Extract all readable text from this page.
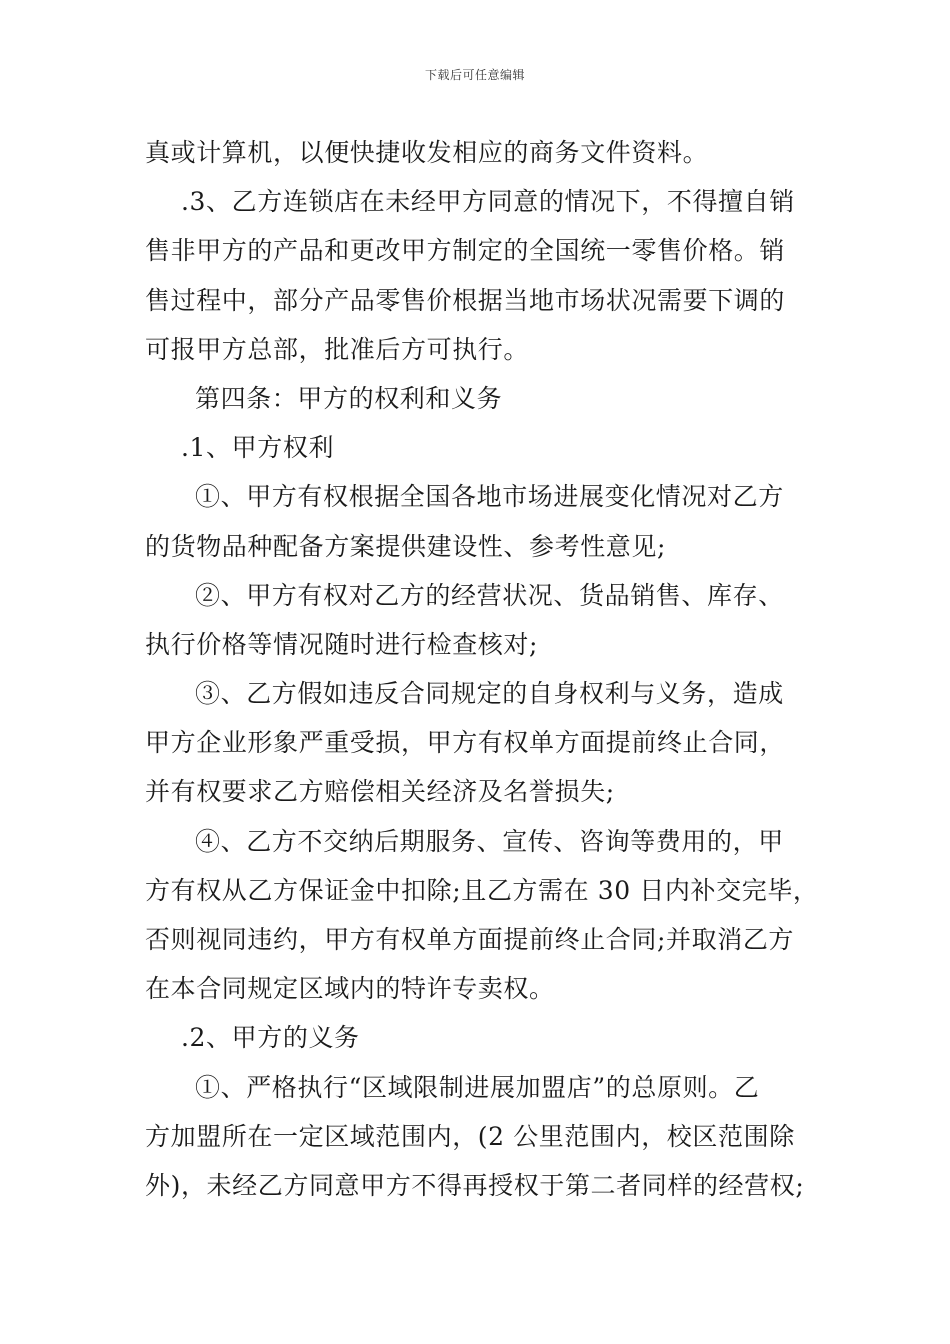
下载后可任意编辑
真或计算机，以便快捷收发相应的商务文件资料。
.3、乙方连锁店在未经甲方同意的情况下，不得擅自销
售非甲方的产品和更改甲方制定的全国统一零售价格。销
售过程中，部分产品零售价根据当地市场状况需要下调的
可报甲方总部，批准后方可执行。
第四条：甲方的权利和义务
.1、甲方权利
①、甲方有权根据全国各地市场进展变化情况对乙方
的货物品种配备方案提供建设性、参考性意见;
②、甲方有权对乙方的经营状况、货品销售、库存、
执行价格等情况随时进行检查核对;
③、乙方假如违反合同规定的自身权利与义务，造成
甲方企业形象严重受损，甲方有权单方面提前终止合同，
并有权要求乙方赔偿相关经济及名誉损失;
④、乙方不交纳后期服务、宣传、咨询等费用的，甲
方有权从乙方保证金中扣除;且乙方需在 30 日内补交完毕，
否则视同违约，甲方有权单方面提前终止合同;并取消乙方
在本合同规定区域内的特许专卖权。
.2、甲方的义务
①、严格执行“区域限制进展加盟店”的总原则。乙
方加盟所在一定区域范围内，(2 公里范围内，校区范围除
外)，未经乙方同意甲方不得再授权于第二者同样的经营权;
